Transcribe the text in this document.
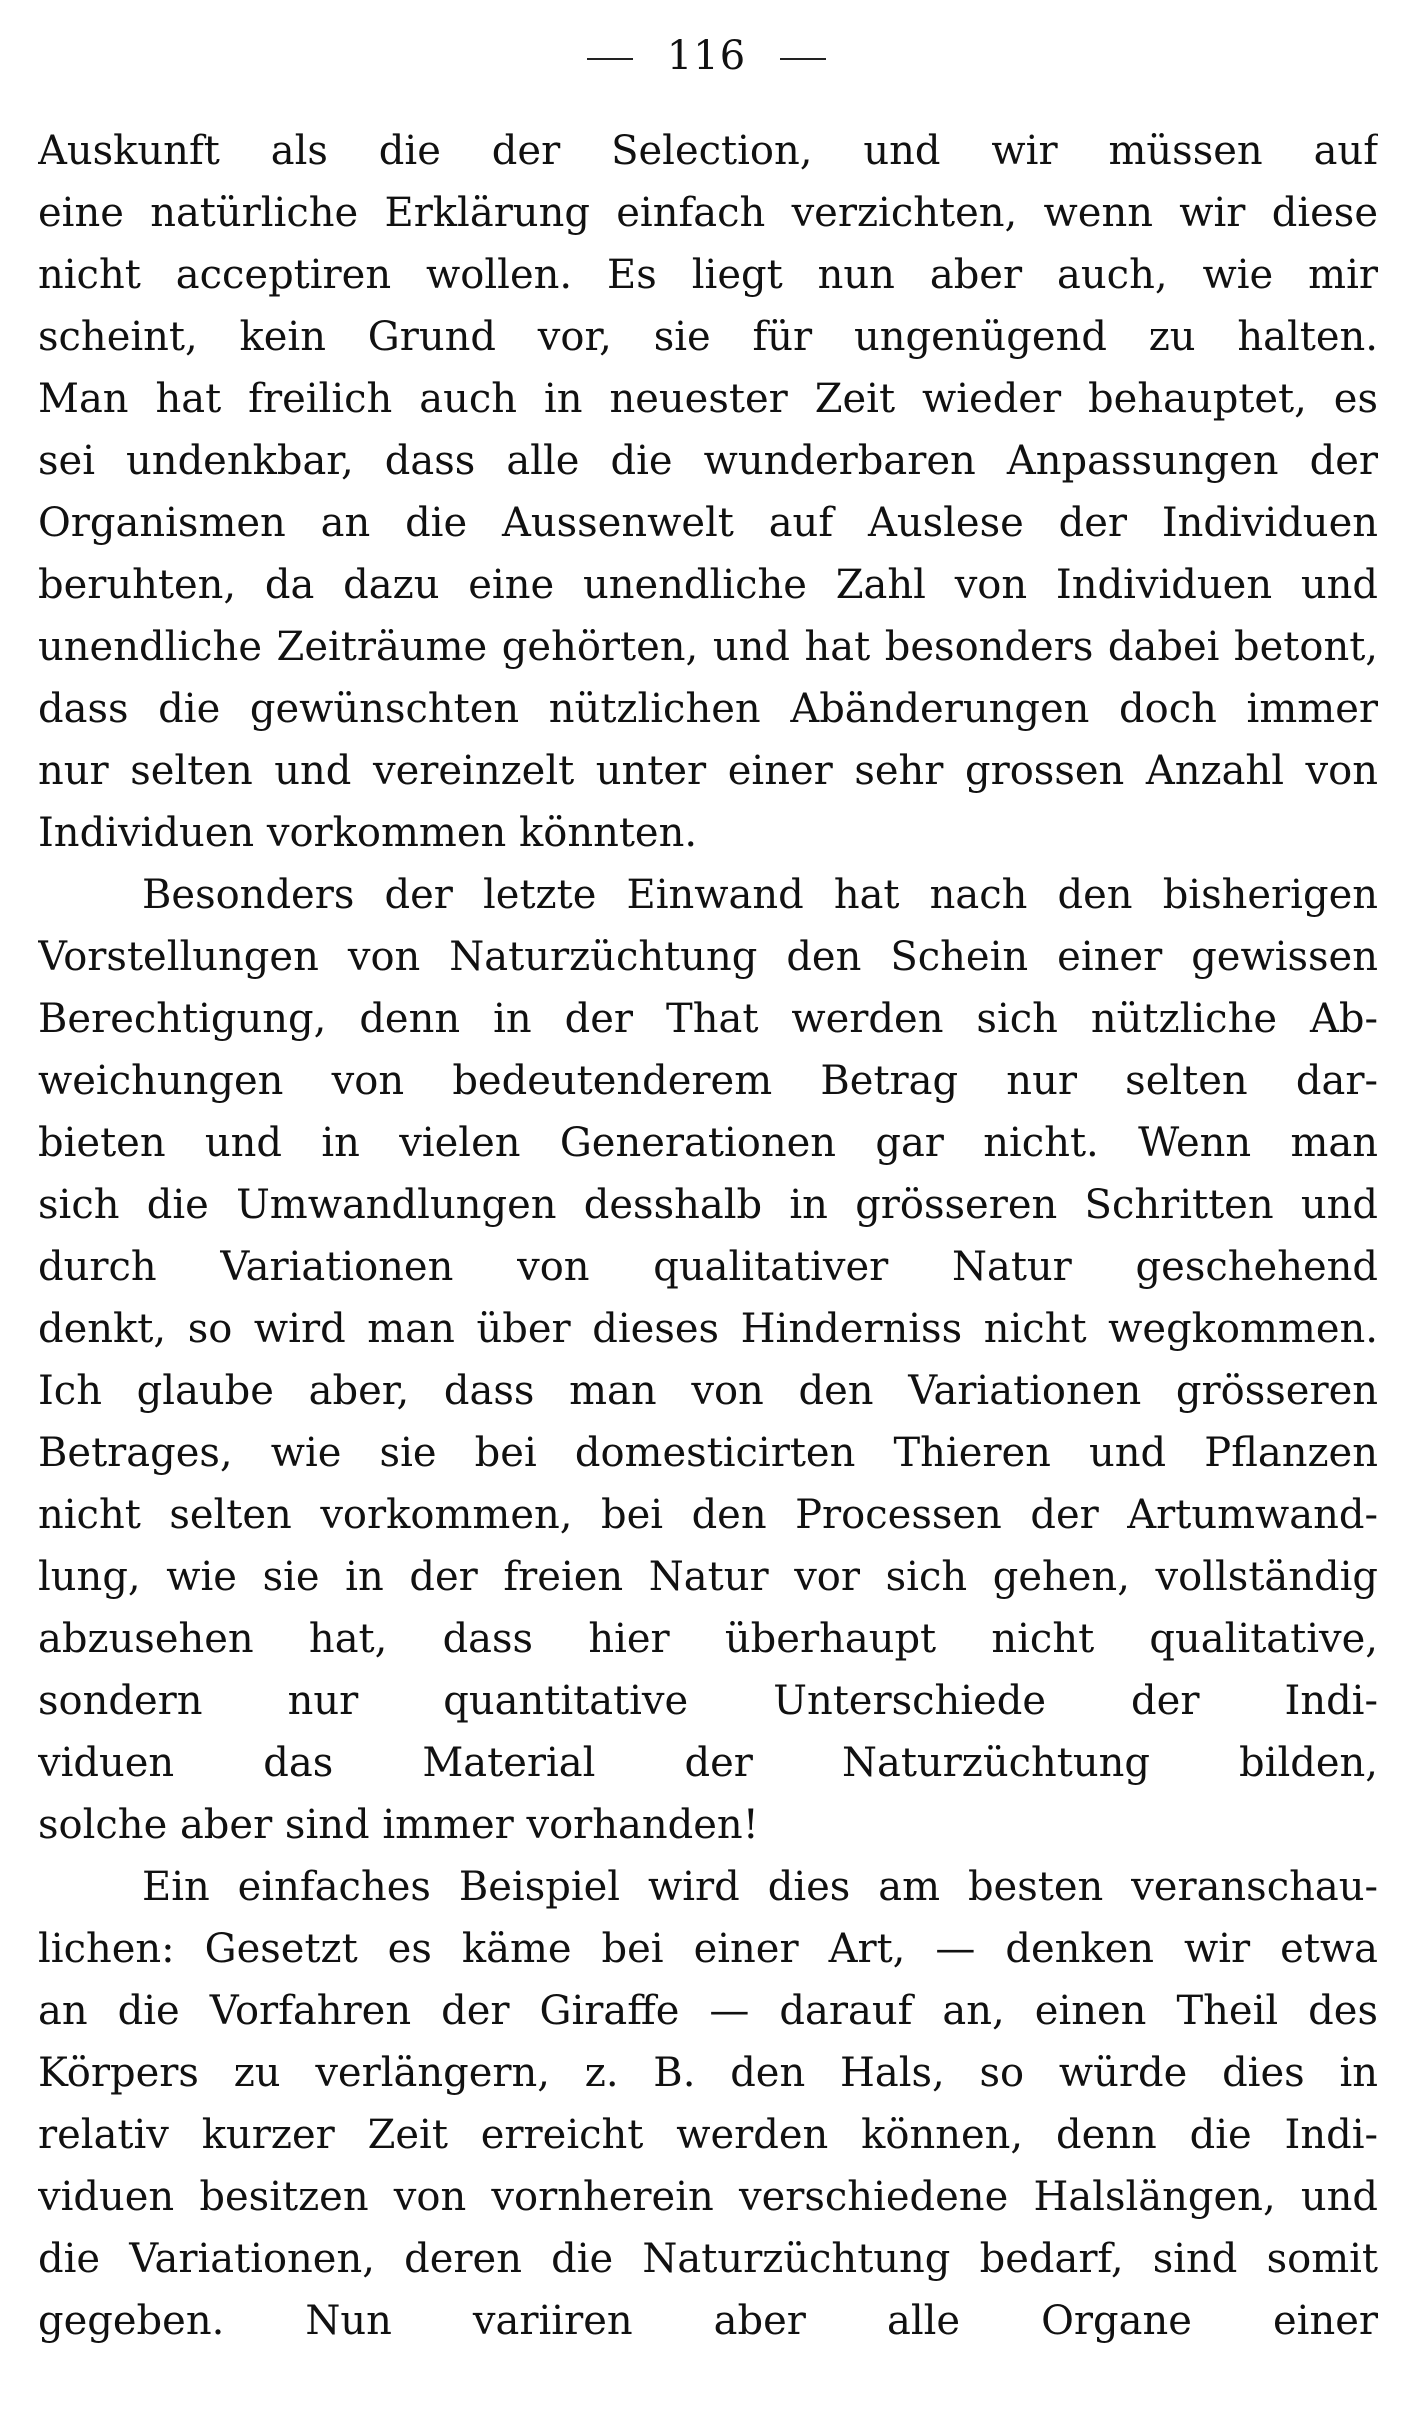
116
Auskunft als die der Selection, und wir müssen auf
eine natürliche Erklärung einfach verzichten, wenn wir diese
nicht acceptiren wollen. Es liegt nun aber auch, wie mir
scheint, kein Grund vor, sie für ungenügend zu halten.
Man hat freilich auch in neuester Zeit wieder behauptet, es
sei undenkbar, dass alle die wunderbaren Anpassungen der
Organismen an die Aussenwelt auf Auslese der Individuen
beruhten, da dazu eine unendliche Zahl von Individuen und
unendliche Zeiträume gehörten, und hat besonders dabei betont,
dass die gewünschten nützlichen Abänderungen doch immer
nur selten und vereinzelt unter einer sehr grossen Anzahl von
Individuen vorkommen könnten.
Besonders der letzte Einwand hat nach den bisherigen
Vorstellungen von Naturzüchtung den Schein einer gewissen
Berechtigung, denn in der That werden sich nützliche Ab-
weichungen von bedeutenderem Betrag nur selten dar-
bieten und in vielen Generationen gar nicht. Wenn man
sich die Umwandlungen desshalb in grösseren Schritten und
durch Variationen von qualitativer Natur geschehend
denkt, so wird man über dieses Hinderniss nicht wegkommen.
Ich glaube aber, dass man von den Variationen grösseren
Betrages, wie sie bei domesticirten Thieren und Pflanzen
nicht selten vorkommen, bei den Processen der Artumwand-
lung, wie sie in der freien Natur vor sich gehen, vollständig
abzusehen hat, dass hier überhaupt nicht qualitative,
sondern nur quantitative Unterschiede der Indi-
viduen das Material der Naturzüchtung bilden,
solche aber sind immer vorhanden!
Ein einfaches Beispiel wird dies am besten veranschau-
lichen: Gesetzt es käme bei einer Art, — denken wir etwa
an die Vorfahren der Giraffe — darauf an, einen Theil des
Körpers zu verlängern, z. B. den Hals, so würde dies in
relativ kurzer Zeit erreicht werden können, denn die Indi-
viduen besitzen von vornherein verschiedene Halslängen, und
die Variationen, deren die Naturzüchtung bedarf, sind somit
gegeben. Nun variiren aber alle Organe einer
